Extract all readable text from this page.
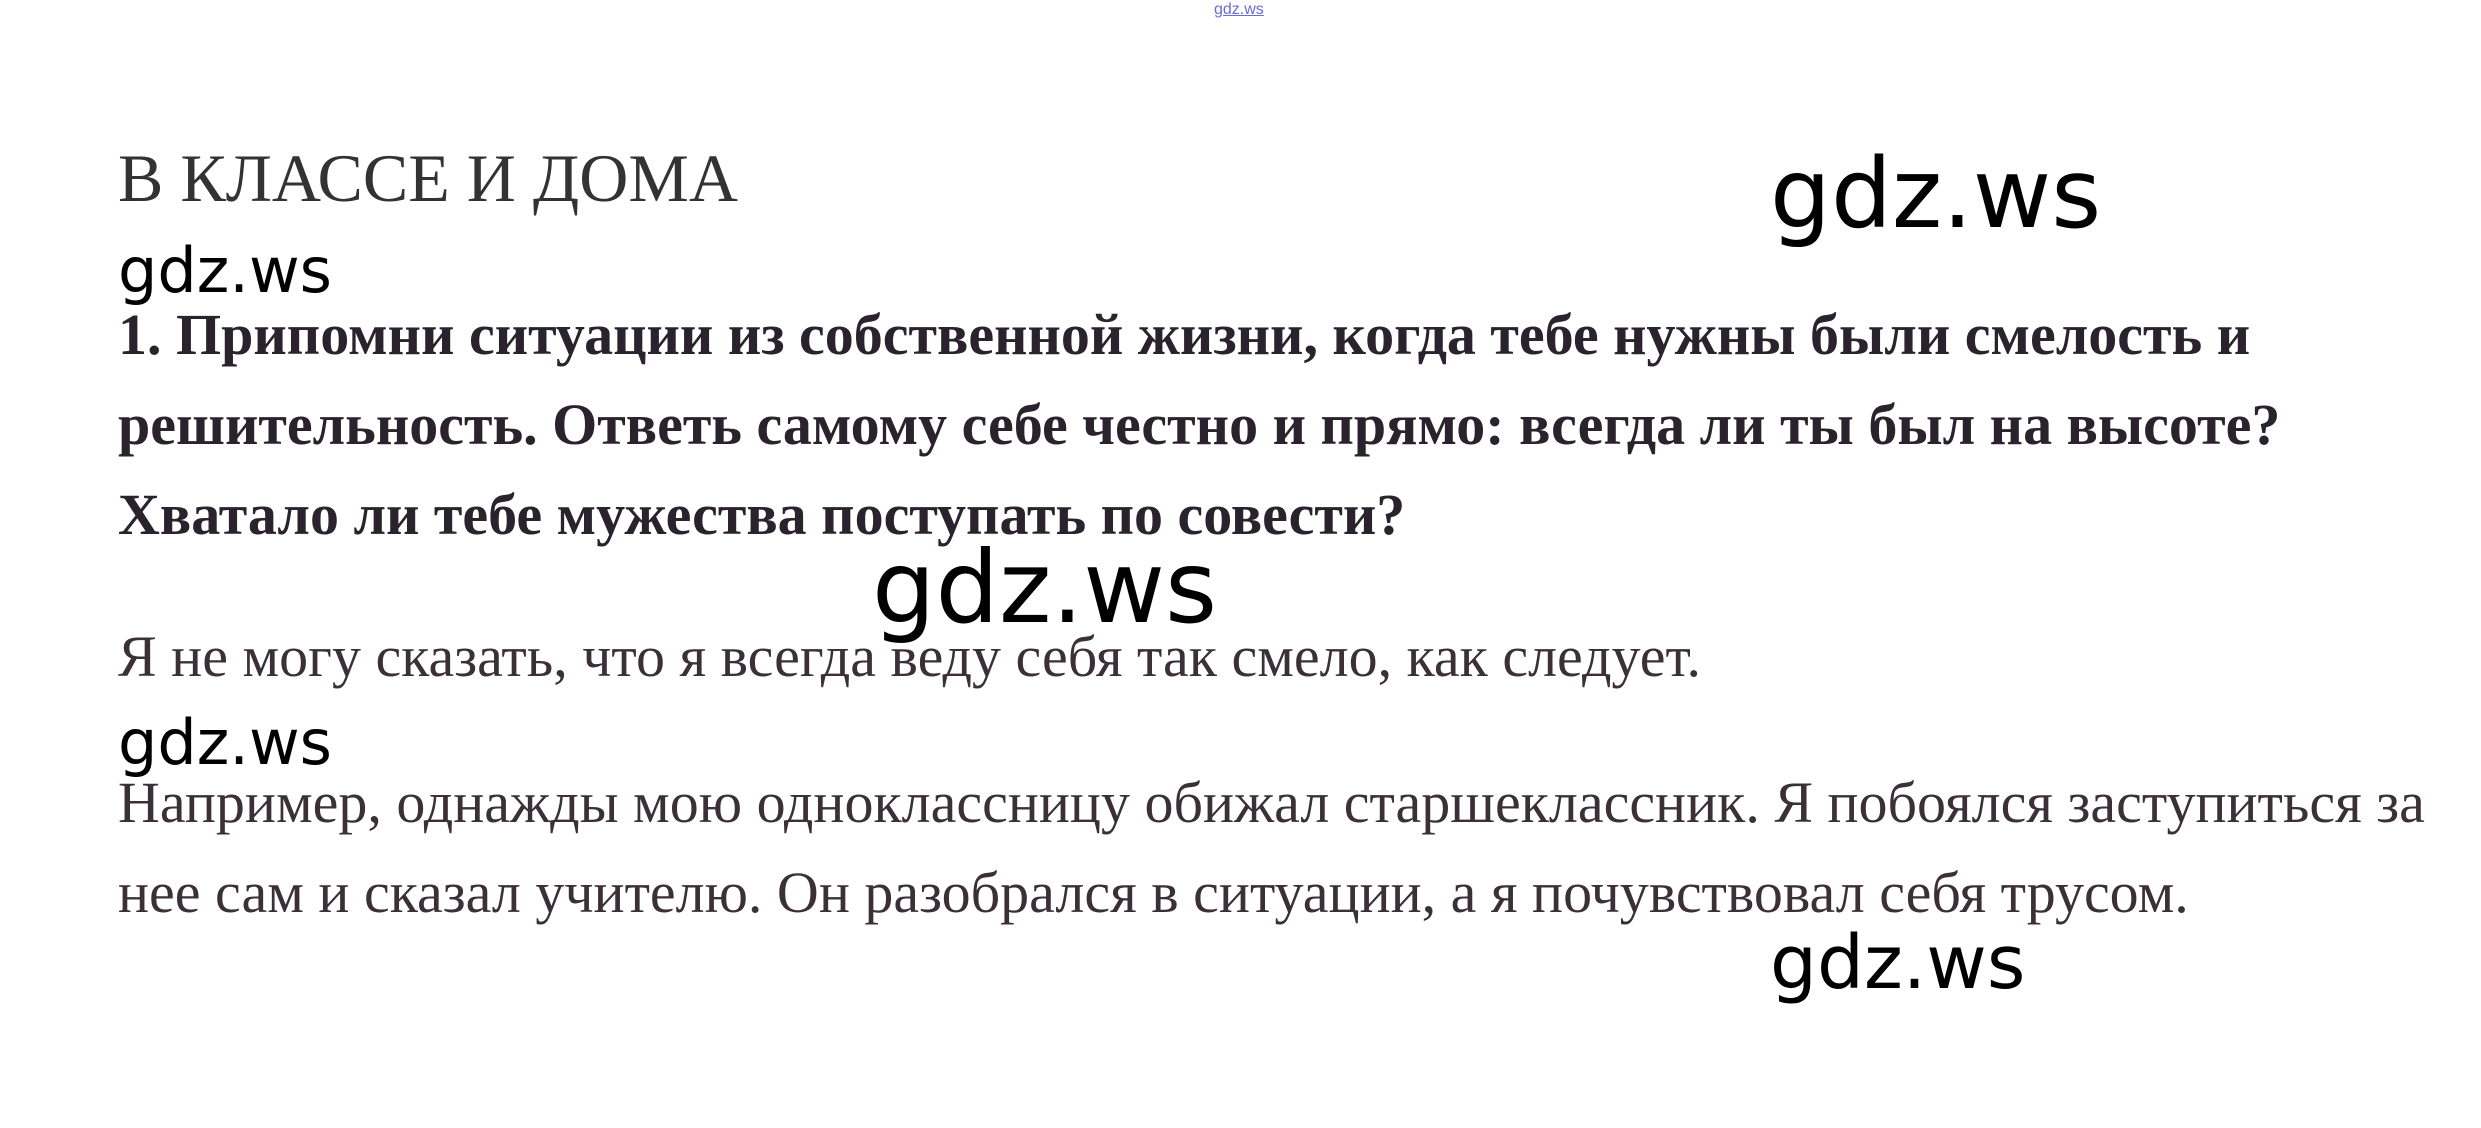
gdz.ws
В КЛАССЕ И ДОМА

1. Припомни ситуации из собственной жизни, когда тебе нужны были смелость и решительность. Ответь самому себе честно и прямо: всегда ли ты был на высоте? Хватало ли тебе мужества поступать по совести?

Я не могу сказать, что я всегда веду себя так смело, как следует.

Например, однажды мою одноклассницу обижал старшеклассник. Я побоялся заступиться за нее сам и сказал учителю. Он разобрался в ситуации, а я почувствовал себя трусом.

gdz.ws
gdz.ws
gdz.ws
gdz.ws
gdz.ws
